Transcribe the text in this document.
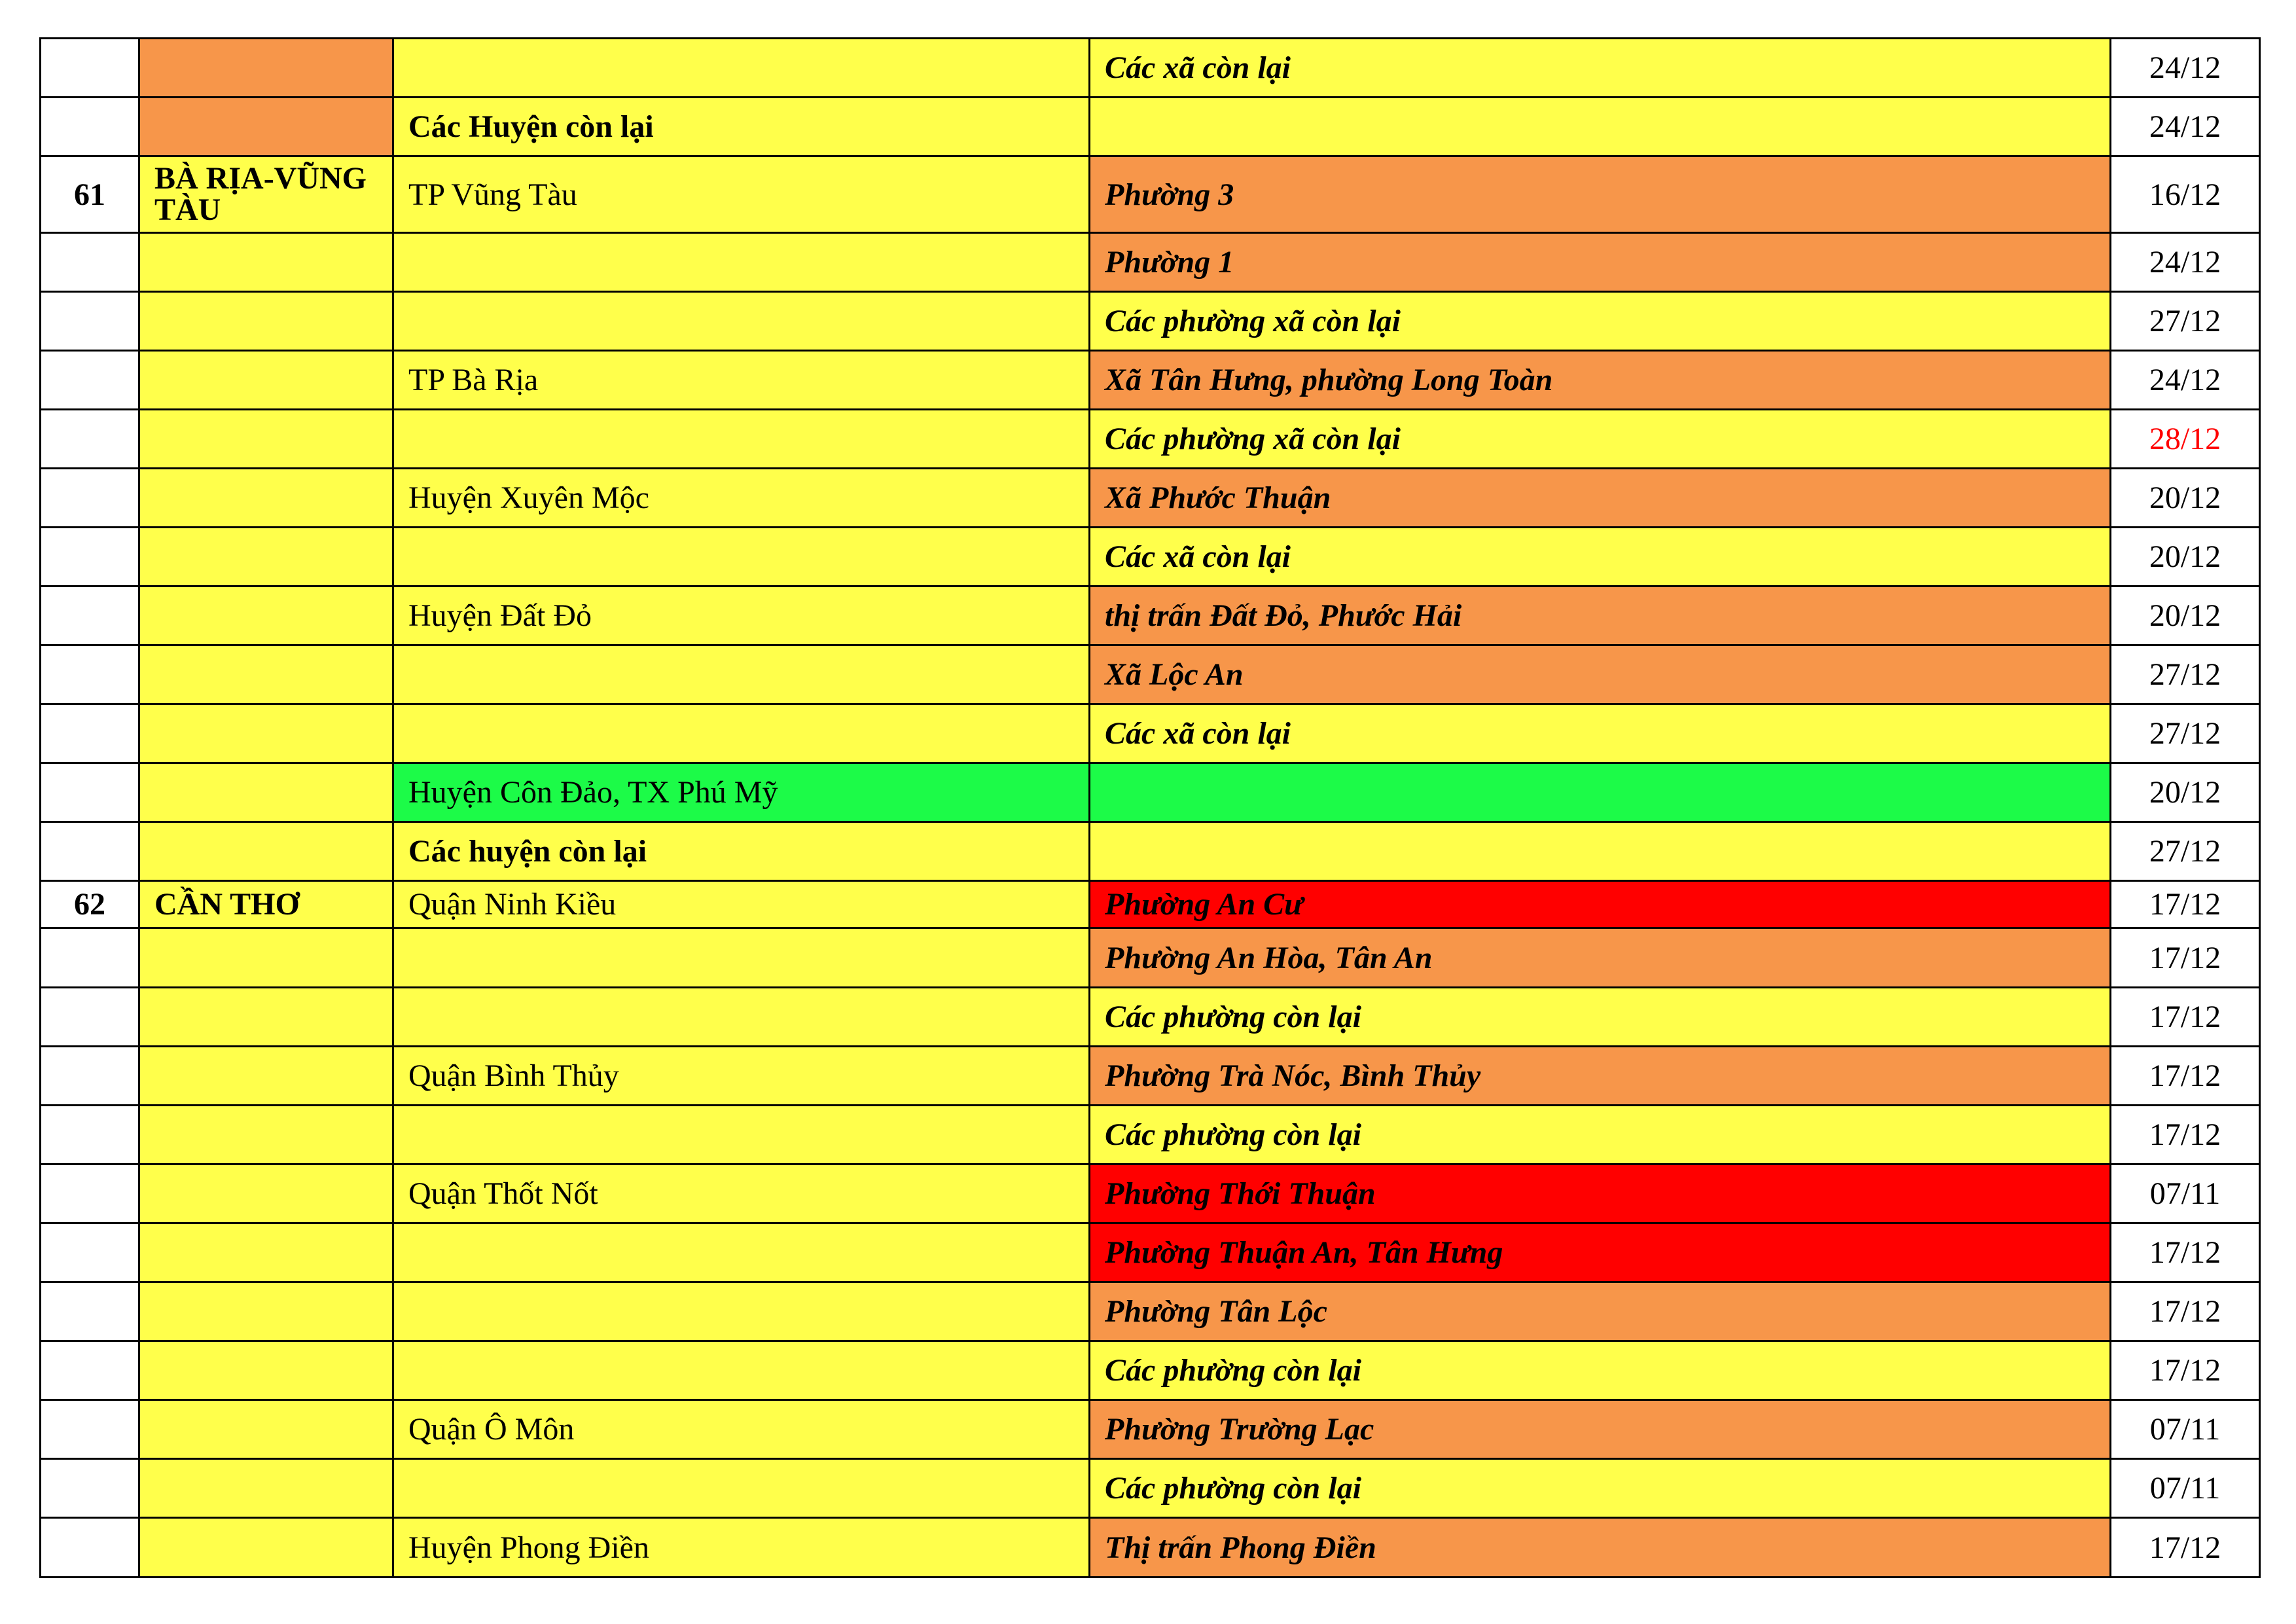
			Các xã còn lại	24/12
		Các Huyện còn lại		24/12
61	BÀ RỊA-VŨNG TÀU	TP Vũng Tàu	Phường 3	16/12
			Phường 1	24/12
			Các phường xã còn lại	27/12
		TP Bà Rịa	Xã Tân Hưng, phường Long Toàn	24/12
			Các phường xã còn lại	28/12
		Huyện Xuyên Mộc	Xã Phước Thuận	20/12
			Các xã còn lại	20/12
		Huyện Đất Đỏ	thị trấn Đất Đỏ, Phước Hải	20/12
			Xã Lộc An	27/12
			Các xã còn lại	27/12
		Huyện Côn Đảo, TX Phú Mỹ		20/12
		Các huyện còn lại		27/12
62	CẦN THƠ	Quận Ninh Kiều	Phường An Cư	17/12
			Phường An Hòa, Tân An	17/12
			Các phường còn lại	17/12
		Quận Bình Thủy	Phường Trà Nóc, Bình Thủy	17/12
			Các phường còn lại	17/12
		Quận Thốt Nốt	Phường Thới Thuận	07/11
			Phường Thuận An, Tân Hưng	17/12
			Phường Tân Lộc	17/12
			Các phường còn lại	17/12
		Quận Ô Môn	Phường Trường Lạc	07/11
			Các phường còn lại	07/11
		Huyện Phong Điền	Thị trấn Phong Điền	17/12
